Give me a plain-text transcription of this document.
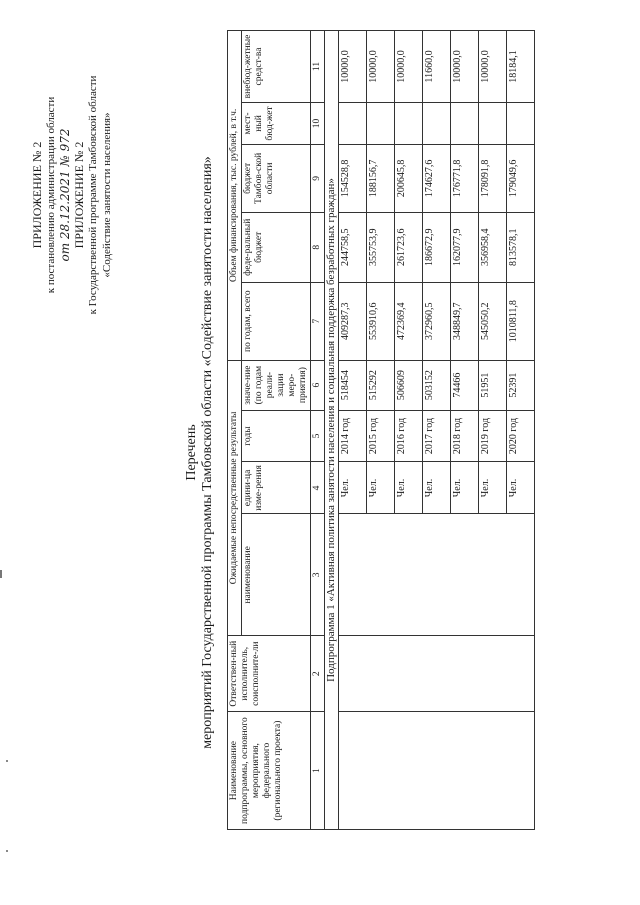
ПРИЛОЖЕНИЕ № 2 к постановлению администрации области от 28.12.2021 № 972 ПРИЛОЖЕНИЕ № 2 к Государственной программе Тамбовской области «Содействие занятости населения»
Перечень мероприятий Государственной программы Тамбовской области «Содействие занятости населения»
Наименование подпрограммы, основного мероприятия, федерального (регионального проекта)	Ответствен-ный исполнитель, соисполните-ли	Ожидаемые непосредственные результаты				Объем финансирования, тыс. рублей, в т.ч.				
		наименование	едини-ца изме-рения	годы	значе-ние (по годам реали-зации меро-приятия)	по годам, всего	феде-ральный бюджет	бюджет Тамбов-ской области	мест-ный бюд-жет	внебюд-жетные средст-ва
1	2	3	4	5	6	7	8	9	10	11
Подпрограмма 1 «Активная политика занятости населения и социальная поддержка безработных граждан»										
			Чел.	2014 год	518454	409287,3	244758,5	154528,8		10000,0
			Чел.	2015 год	515292	553910,6	355753,9	188156,7		10000,0
			Чел.	2016 год	506609	472369,4	261723,6	200645,8		10000,0
			Чел.	2017 год	503152	372960,5	186672,9	174627,6		11660,0
			Чел.	2018 год	74466	348849,7	162077,9	176771,8		10000,0
			Чел.	2019 год	51951	545050,2	356958,4	178091,8		10000,0
			Чел.	2020 год	52391	1010811,8	813578,1	179049,6		18184,1
